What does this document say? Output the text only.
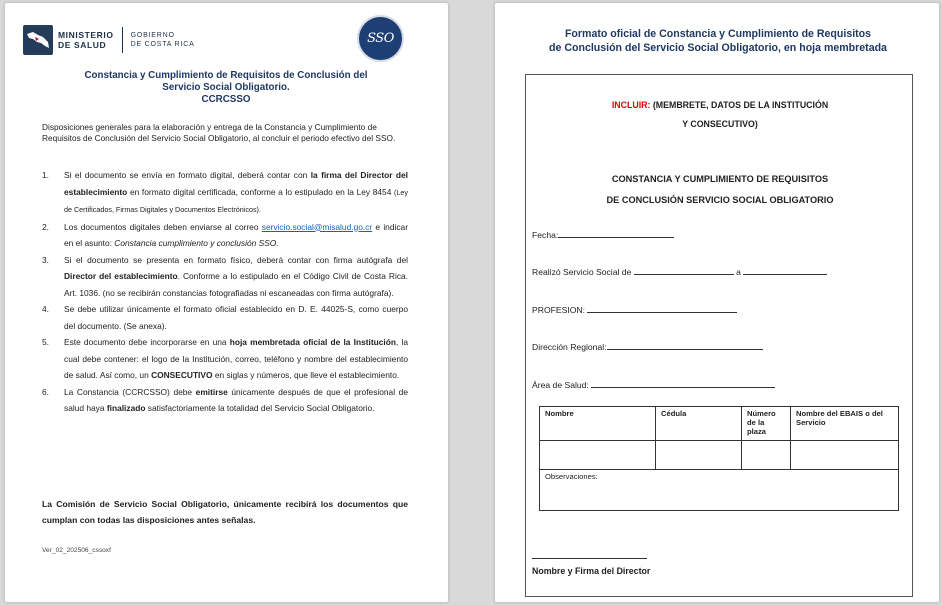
MINISTERIO
DE SALUD
GOBIERNO
DE COSTA RICA	SSO
Constancia y Cumplimiento de Requisitos de Conclusión del
Servicio Social Obligatorio.
CCRCSSO
Disposiciones generales para la elaboración y entrega de la Constancia y Cumplimiento de Requisitos de Conclusión del Servicio Social Obligatorio, al concluir el periodo efectivo del SSO.
1.	Si el documento se envía en formato digital, deberá contar con la firma del Director del establecimiento en formato digital certificada, conforme a lo estipulado en la Ley 8454 (Ley de Certificados, Firmas Digitales y Documentos Electrónicos).
2.	Los documentos digitales deben enviarse al correo servicio.social@misalud.go.cr e indicar en el asunto: Constancia cumplimiento y conclusión SSO.
3.	Si el documento se presenta en formato físico, deberá contar con firma autógrafa del Director del establecimiento. Conforme a lo estipulado en el Código Civil de Costa Rica. Art. 1036. (no se recibirán constancias fotografiadas ni escaneadas con firma autógrafa).
4.	Se debe utilizar únicamente el formato oficial establecido en D. E. 44025-S, como cuerpo del documento. (Se anexa).
5.	Este documento debe incorporarse en una hoja membretada oficial de la Institución, la cual debe contener: el logo de la Institución, correo, teléfono y nombre del establecimiento de salud. Así como, un CONSECUTIVO en siglas y números, que lleve el establecimiento.
6.	La Constancia (CCRCSSO) debe emitirse únicamente después de que el profesional de salud haya finalizado satisfactoriamente la totalidad del Servicio Social Obligatorio.
La Comisión de Servicio Social Obligatorio, únicamente recibirá los documentos que cumplan con todas las disposiciones antes señalas.
Ver_02_202506_cssoxf
Formato oficial de Constancia y Cumplimiento de Requisitos
de Conclusión del Servicio Social Obligatorio, en hoja membretada
INCLUIR: (MEMBRETE, DATOS DE LA INSTITUCIÓN
Y CONSECUTIVO)
CONSTANCIA Y CUMPLIMIENTO DE REQUISITOS
DE CONCLUSIÓN SERVICIO SOCIAL OBLIGATORIO
Fecha:
Realizó Servicio Social de	a
PROFESION:
Dirección Regional:
Área de Salud:
Nombre	Cédula	Número de la plaza	Nombre del EBAIS o del Servicio

Observaciones:			
Nombre y Firma del Director
